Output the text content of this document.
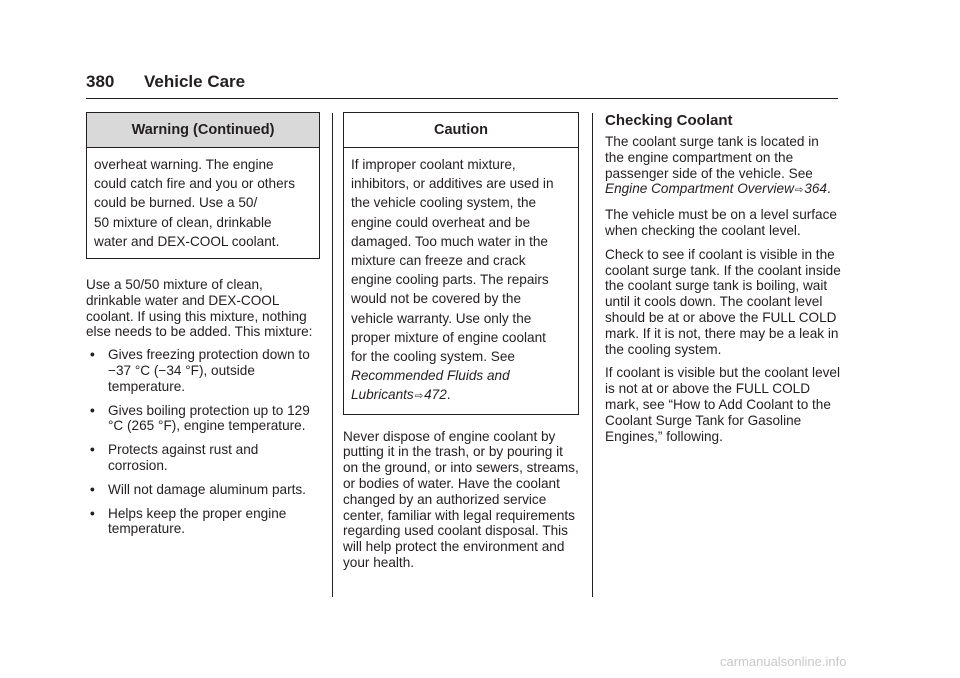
380 Vehicle Care
Warning (Continued)
overheat warning. The engine
could catch fire and you or others
could be burned. Use a 50/
50 mixture of clean, drinkable
water and DEX-COOL coolant.

Use a 50/50 mixture of clean, drinkable water and DEX-COOL coolant. If using this mixture, nothing else needs to be added. This mixture:

• Gives freezing protection down to −37 °C (−34 °F), outside temperature.
• Gives boiling protection up to 129 °C (265 °F), engine temperature.
• Protects against rust and corrosion.
• Will not damage aluminum parts.
• Helps keep the proper engine temperature.
Caution
If improper coolant mixture,
inhibitors, or additives are used in
the vehicle cooling system, the
engine could overheat and be
damaged. Too much water in the
mixture can freeze and crack
engine cooling parts. The repairs
would not be covered by the
vehicle warranty. Use only the
proper mixture of engine coolant
for the cooling system. See
Recommended Fluids and
Lubricants⇨472.

Never dispose of engine coolant by putting it in the trash, or by pouring it on the ground, or into sewers, streams, or bodies of water. Have the coolant changed by an authorized service center, familiar with legal requirements regarding used coolant disposal. This will help protect the environment and your health.

Checking Coolant

The coolant surge tank is located in the engine compartment on the passenger side of the vehicle. See Engine Compartment Overview⇨364.

The vehicle must be on a level surface when checking the coolant level.

Check to see if coolant is visible in the coolant surge tank. If the coolant inside the coolant surge tank is boiling, wait until it cools down. The coolant level should be at or above the FULL COLD mark. If it is not, there may be a leak in the cooling system.

If coolant is visible but the coolant level is not at or above the FULL COLD mark, see “How to Add Coolant to the Coolant Surge Tank for Gasoline Engines,” following.

carmanualsonline.info
